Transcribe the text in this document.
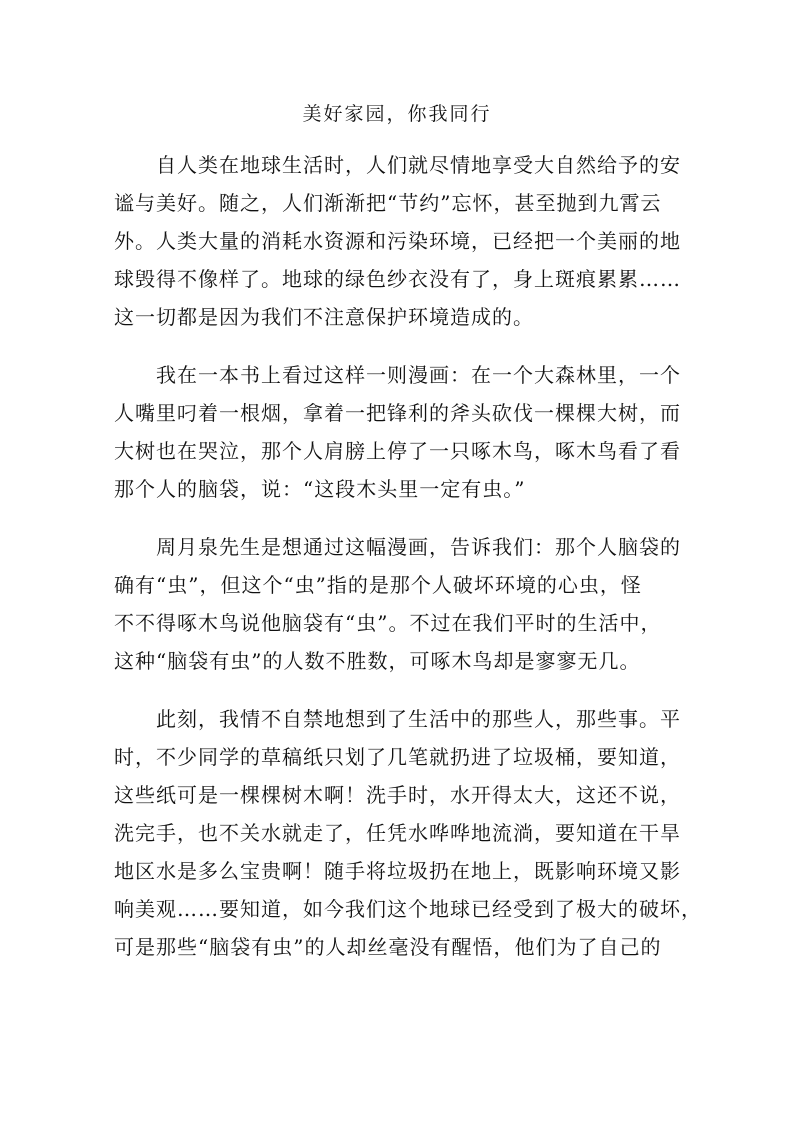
美好家园，你我同行

自人类在地球生活时，人们就尽情地享受大自然给予的安
谧与美好。随之，人们渐渐把“节约”忘怀，甚至抛到九霄云
外。人类大量的消耗水资源和污染环境，已经把一个美丽的地
球毁得不像样了。地球的绿色纱衣没有了，身上斑痕累累……
这一切都是因为我们不注意保护环境造成的。

我在一本书上看过这样一则漫画：在一个大森林里，一个
人嘴里叼着一根烟，拿着一把锋利的斧头砍伐一棵棵大树，而
大树也在哭泣，那个人肩膀上停了一只啄木鸟，啄木鸟看了看
那个人的脑袋，说：“这段木头里一定有虫。”

周月泉先生是想通过这幅漫画，告诉我们：那个人脑袋的
确有“虫”，但这个“虫”指的是那个人破坏环境的心虫，怪
不不得啄木鸟说他脑袋有“虫”。不过在我们平时的生活中，
这种“脑袋有虫”的人数不胜数，可啄木鸟却是寥寥无几。

此刻，我情不自禁地想到了生活中的那些人，那些事。平
时，不少同学的草稿纸只划了几笔就扔进了垃圾桶，要知道，
这些纸可是一棵棵树木啊！洗手时，水开得太大，这还不说，
洗完手，也不关水就走了，任凭水哗哗地流淌，要知道在干旱
地区水是多么宝贵啊！随手将垃圾扔在地上，既影响环境又影
响美观……要知道，如今我们这个地球已经受到了极大的破坏，
可是那些“脑袋有虫”的人却丝毫没有醒悟，他们为了自己的
